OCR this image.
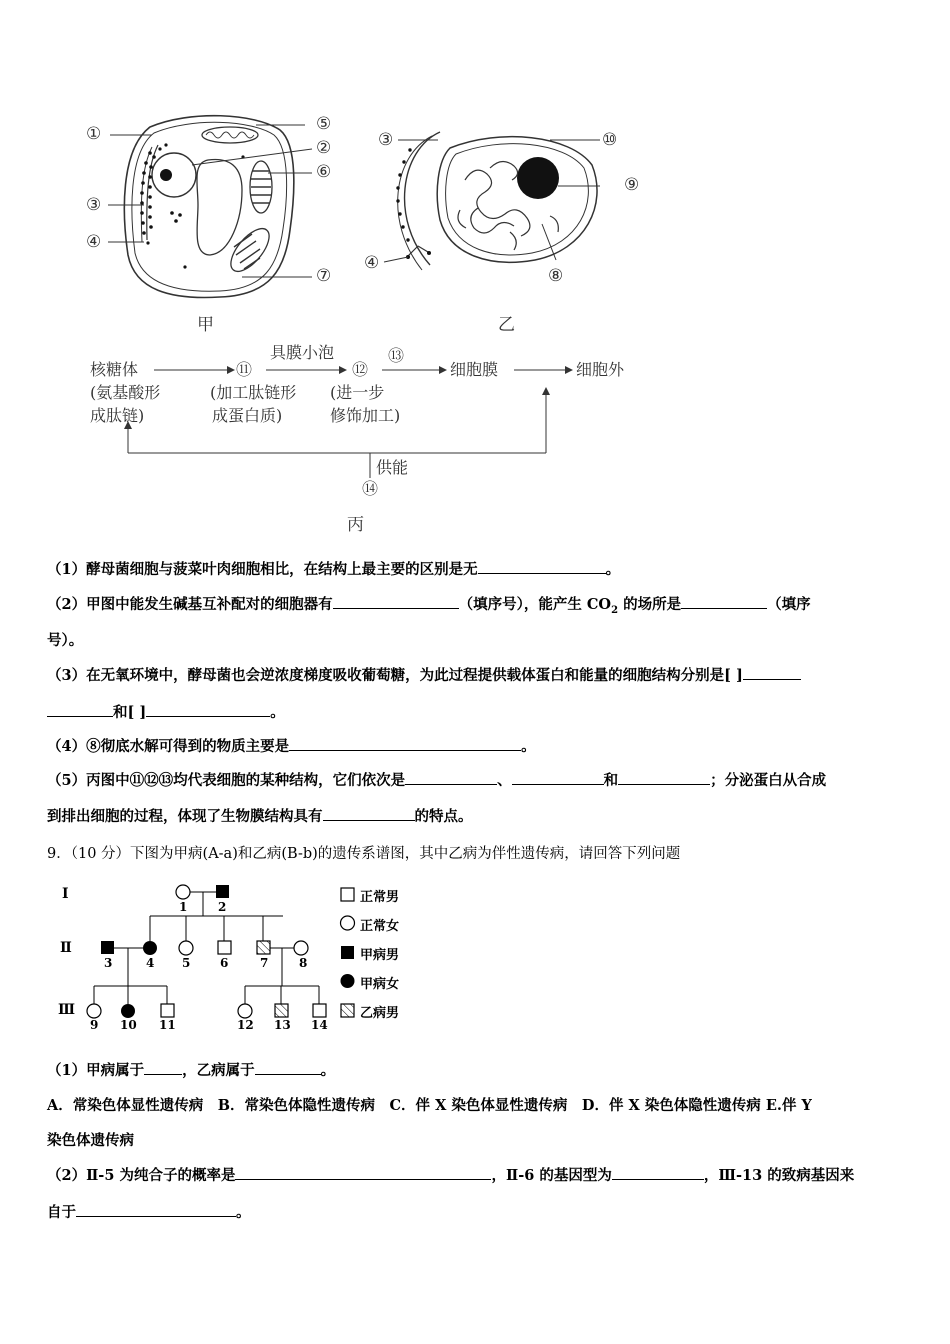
①	⑤
②
⑥
③
④
⑦
甲
③	⑩
⑨
④
⑧
乙
核糖体
(氨基酸形
成肽链)
⑪
(加工肽链形
成蛋白质)
具膜小泡
⑫
(进一步
修饰加工)
⑬
细胞膜	细胞外
供能
⑭
丙
（1）酵母菌细胞与菠菜叶肉细胞相比，在结构上最主要的区别是无	。
（2）甲图中能发生碱基互补配对的细胞器有	（填序号），能产生 $CO_2$ 的场所是	（填序
号）。
（3）在无氧环境中，酵母菌也会逆浓度梯度吸收葡萄糖，为此过程提供载体蛋白和能量的细胞结构分别是[ ]
和[ ]	。
（4）⑧彻底水解可得到的物质主要是	。
（5）丙图中⑪⑫⑬均代表细胞的某种结构，它们依次是	、	和	；分泌蛋白从合成
到排出细胞的过程，体现了生物膜结构具有	的特点。
9．（10 分）下图为甲病(A-a)和乙病(B-b)的遗传系谱图，其中乙病为伴性遗传病，请回答下列问题
Ⅰ
Ⅱ
Ⅲ
1	2
3	4 5 6	7	8
9 10 11	12 13 14
正常男
正常女
甲病男
甲病女
乙病男
（1）甲病属于	，乙病属于	。
A．常染色体显性遗传病　B．常染色体隐性遗传病　C．伴 X 染色体显性遗传病　D．伴 X 染色体隐性遗传病 E.伴 Y
染色体遗传病
（2）Ⅱ-5 为纯合子的概率是	，Ⅱ-6 的基因型为	，Ⅲ-13 的致病基因来
自于	。
